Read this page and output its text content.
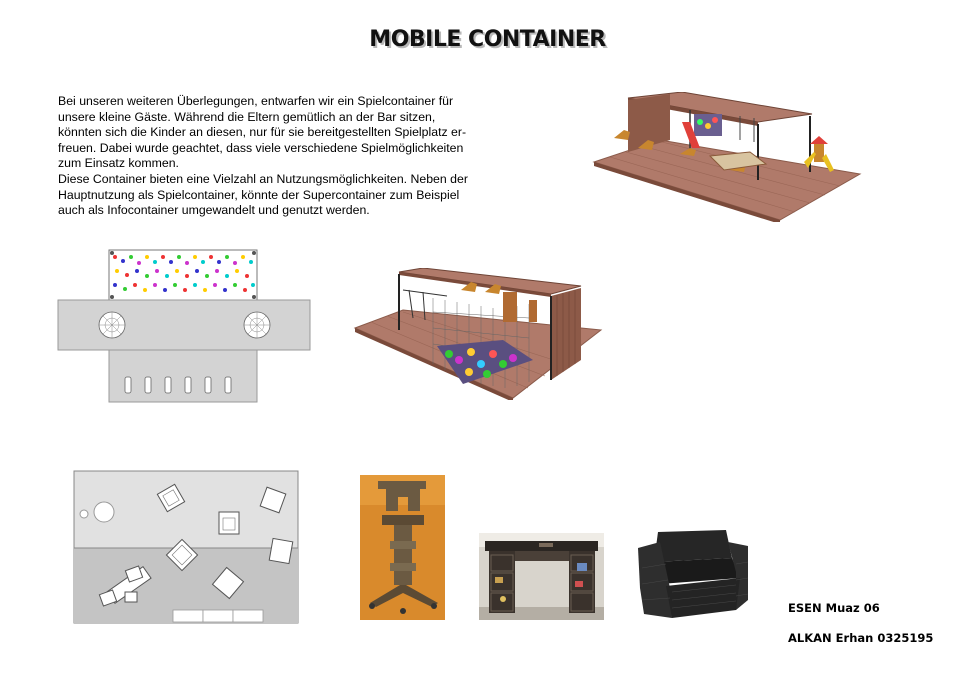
MOBILE CONTAINER
Bei unseren weiteren Überlegungen, entwarfen wir ein Spielcontainer für
unsere kleine Gäste. Während die Eltern gemütlich an der Bar sitzen,
könnten sich die Kinder an diesen, nur für sie bereitgestellten Spielplatz er-
freuen. Dabei wurde geachtet, dass viele verschiedene Spielmöglichkeiten
zum Einsatz kommen.
Diese Container bieten eine Vielzahl an Nutzungsmöglichkeiten. Neben der
Hauptnutzung als Spielcontainer, könnte der Supercontainer zum Beispiel
auch als Infocontainer umgewandelt und genutzt werden.
ESEN Muaz 06
ALKAN Erhan 0325195
